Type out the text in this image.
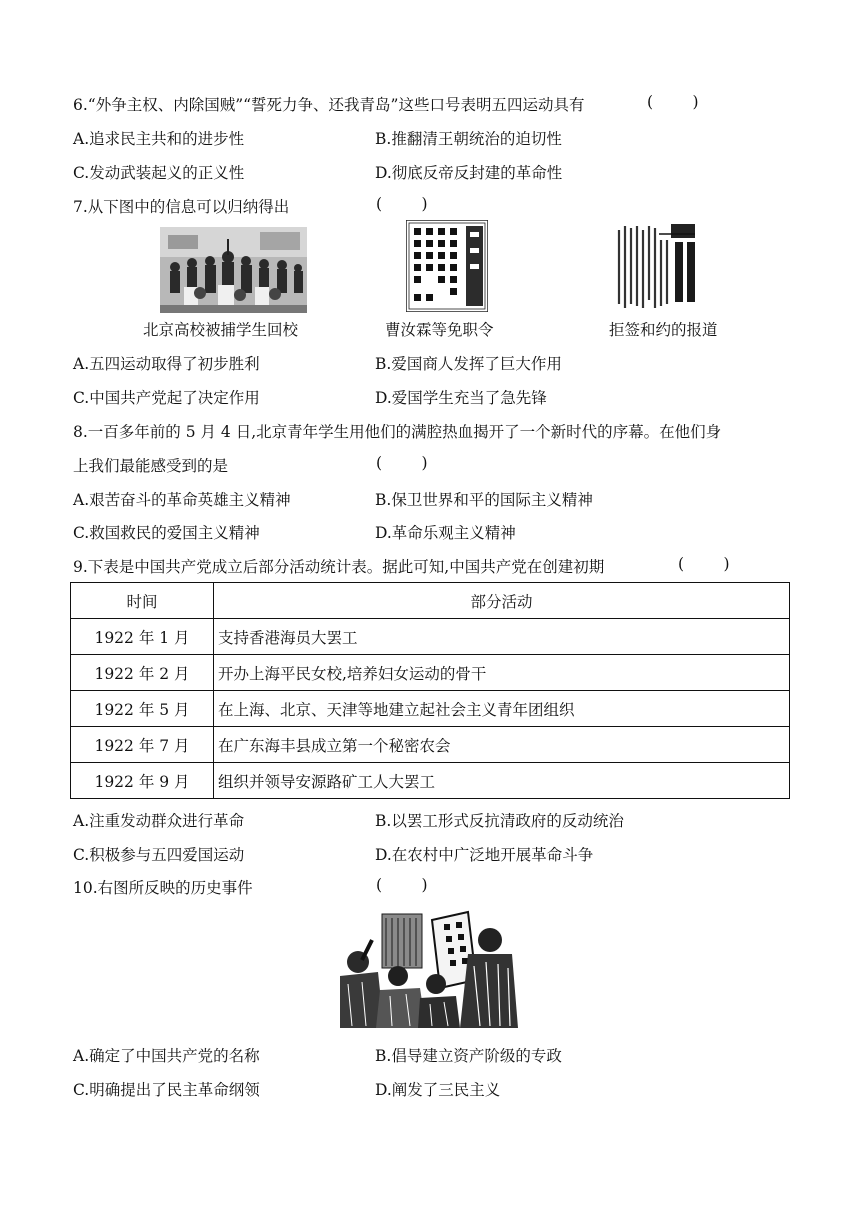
6.“外争主权、内除国贼”“誓死力争、还我青岛”这些口号表明五四运动具有	(        )
A.追求民主共和的进步性	B.推翻清王朝统治的迫切性
C.发动武装起义的正义性	D.彻底反帝反封建的革命性
7.从下图中的信息可以归纳得出	(        )
北京高校被捕学生回校	曹汝霖等免职令	拒签和约的报道
A.五四运动取得了初步胜利	B.爱国商人发挥了巨大作用
C.中国共产党起了决定作用	D.爱国学生充当了急先锋
8.一百多年前的 5 月 4 日,北京青年学生用他们的满腔热血揭开了一个新时代的序幕。在他们身
上我们最能感受到的是	(        )
A.艰苦奋斗的革命英雄主义精神	B.保卫世界和平的国际主义精神
C.救国救民的爱国主义精神	D.革命乐观主义精神
9.下表是中国共产党成立后部分活动统计表。据此可知,中国共产党在创建初期	(        )
时间	部分活动
1922 年 1 月	支持香港海员大罢工
1922 年 2 月	开办上海平民女校,培养妇女运动的骨干
1922 年 5 月	在上海、北京、天津等地建立起社会主义青年团组织
1922 年 7 月	在广东海丰县成立第一个秘密农会
1922 年 9 月	组织并领导安源路矿工人大罢工
A.注重发动群众进行革命	B.以罢工形式反抗清政府的反动统治
C.积极参与五四爱国运动	D.在农村中广泛地开展革命斗争
10.右图所反映的历史事件	(        )
A.确定了中国共产党的名称	B.倡导建立资产阶级的专政
C.明确提出了民主革命纲领	D.阐发了三民主义
